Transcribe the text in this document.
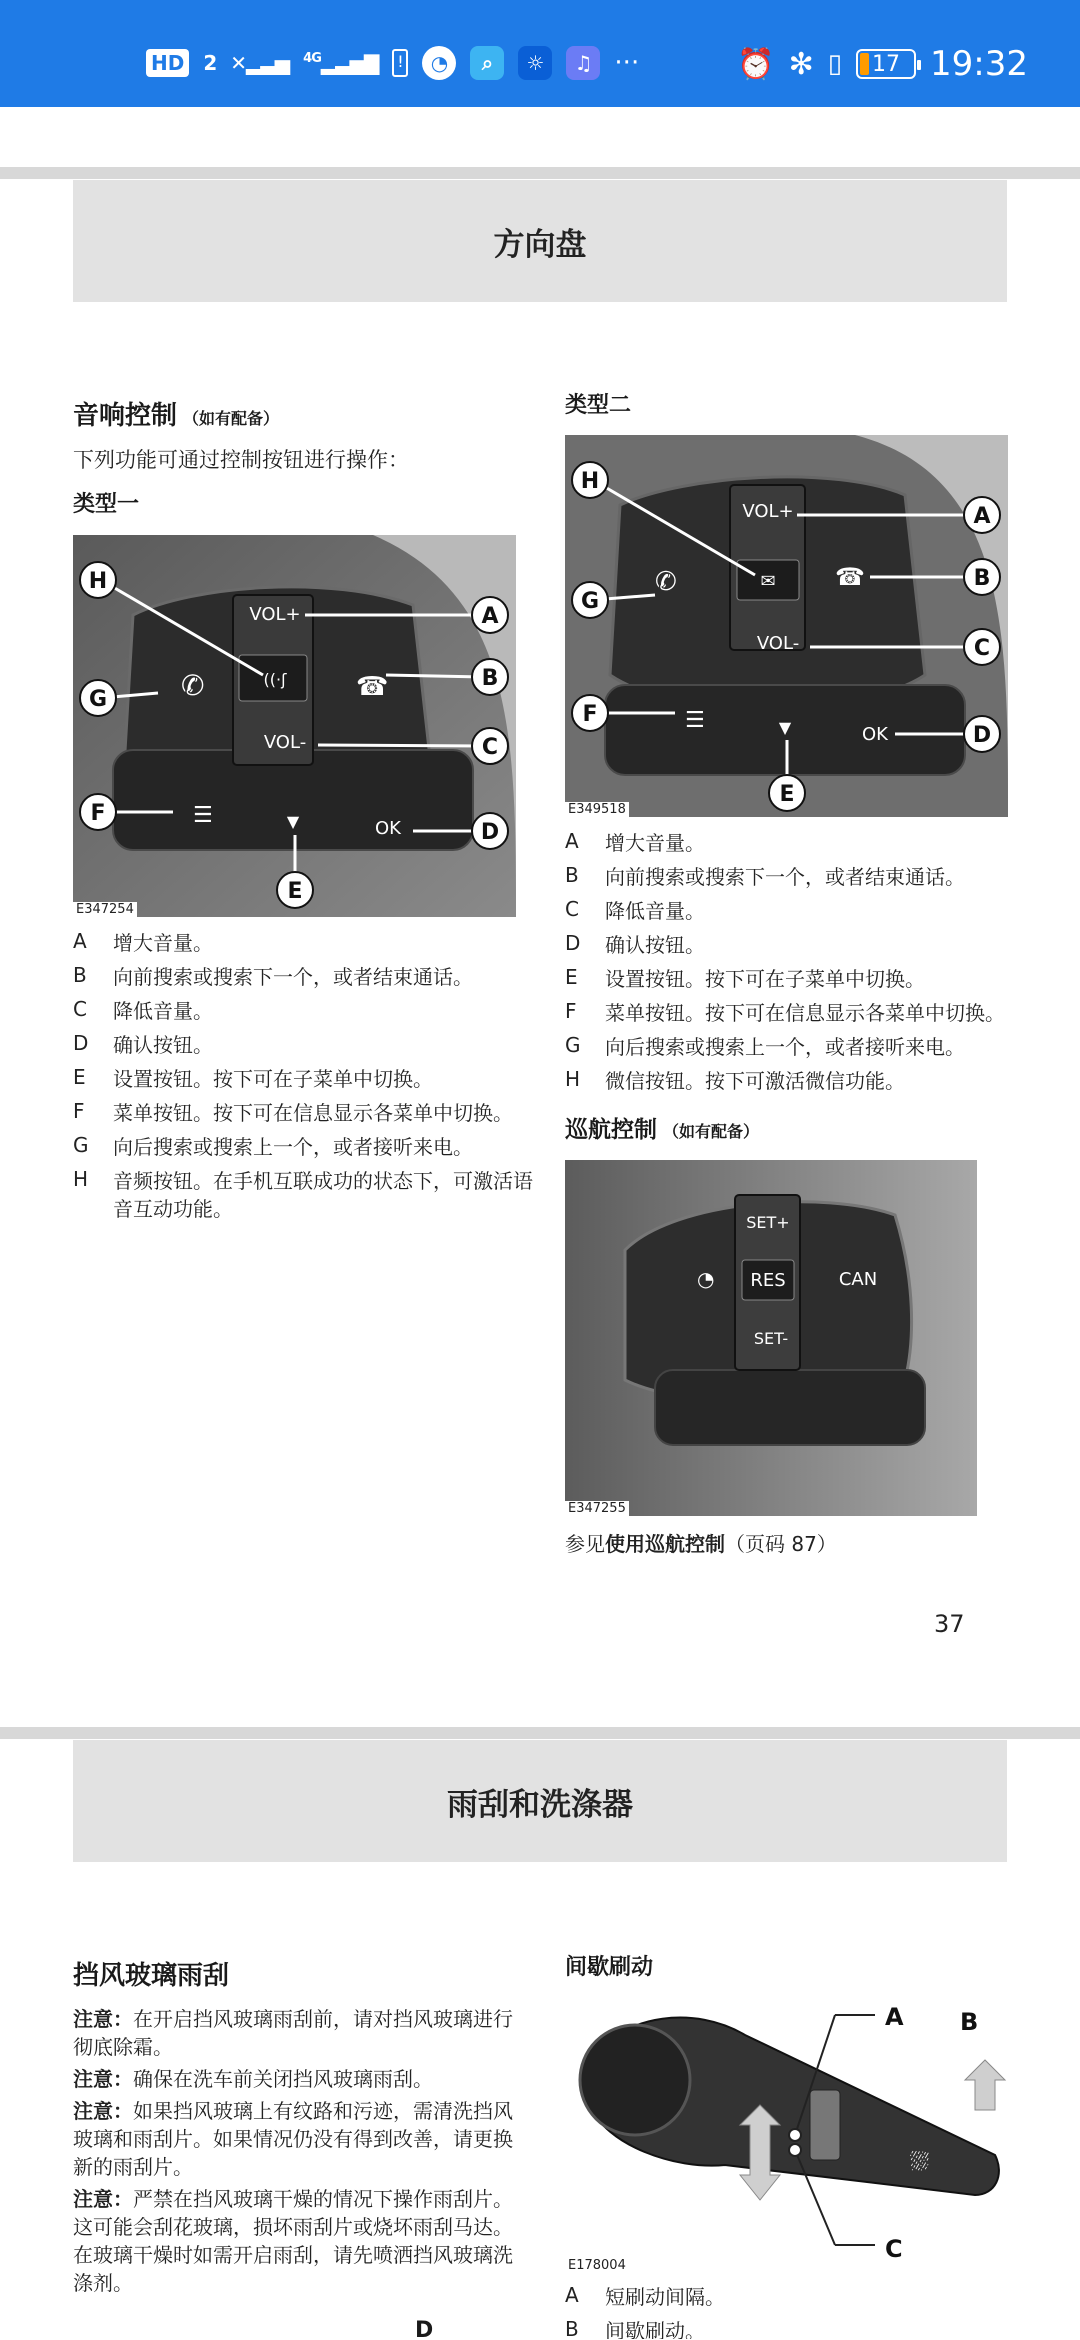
HD 2 ✕▂▃▅ $^{4G}$▂▃▅▇ !	◔	⌕	☼	♫ ···	⏰ ✻ ▯ 17 19:32
方向盘
音响控制 （如有配备）
下列功能可通过控制按钮进行操作：
类型一
((·ʃ
VOL+
VOL-
OK
✆	☎
☰	▼
A
B
C
D
E
F
G
H
E347254
A	增大音量。
B	向前搜索或搜索下一个，或者结束通话。
C	降低音量。
D	确认按钮。
E	设置按钮。按下可在子菜单中切换。
F	菜单按钮。按下可在信息显示各菜单中切换。
G	向后搜索或搜索上一个，或者接听来电。
H	音频按钮。在手机互联成功的状态下，可激活语音互动功能。
类型二
✉
VOL+
VOL-
OK
✆	☎
☰	▼
A
B
C
D
E
F
G
H
E349518
A	增大音量。
B	向前搜索或搜索下一个，或者结束通话。
C	降低音量。
D	确认按钮。
E	设置按钮。按下可在子菜单中切换。
F	菜单按钮。按下可在信息显示各菜单中切换。
G	向后搜索或搜索上一个，或者接听来电。
H	微信按钮。按下可激活微信功能。
巡航控制 （如有配备）
SET+
RES
SET-
CAN
◔
E347255
参见使用巡航控制（页码 87）
37
雨刮和洗涤器
挡风玻璃雨刮

注意：在开启挡风玻璃雨刮前，请对挡风玻璃进行彻底除霜。

注意：确保在洗车前关闭挡风玻璃雨刮。

注意：如果挡风玻璃上有纹路和污迹，需清洗挡风玻璃和雨刮片。如果情况仍没有得到改善，请更换新的雨刮片。

注意：严禁在挡风玻璃干燥的情况下操作雨刮片。这可能会刮花玻璃，损坏雨刮片或烧坏雨刮马达。在玻璃干燥时如需开启雨刮，请先喷洒挡风玻璃洗涤剂。

D
间歇刷动
⛆
A B
C
E178004
A	短刷动间隔。
B	间歇刷动。
